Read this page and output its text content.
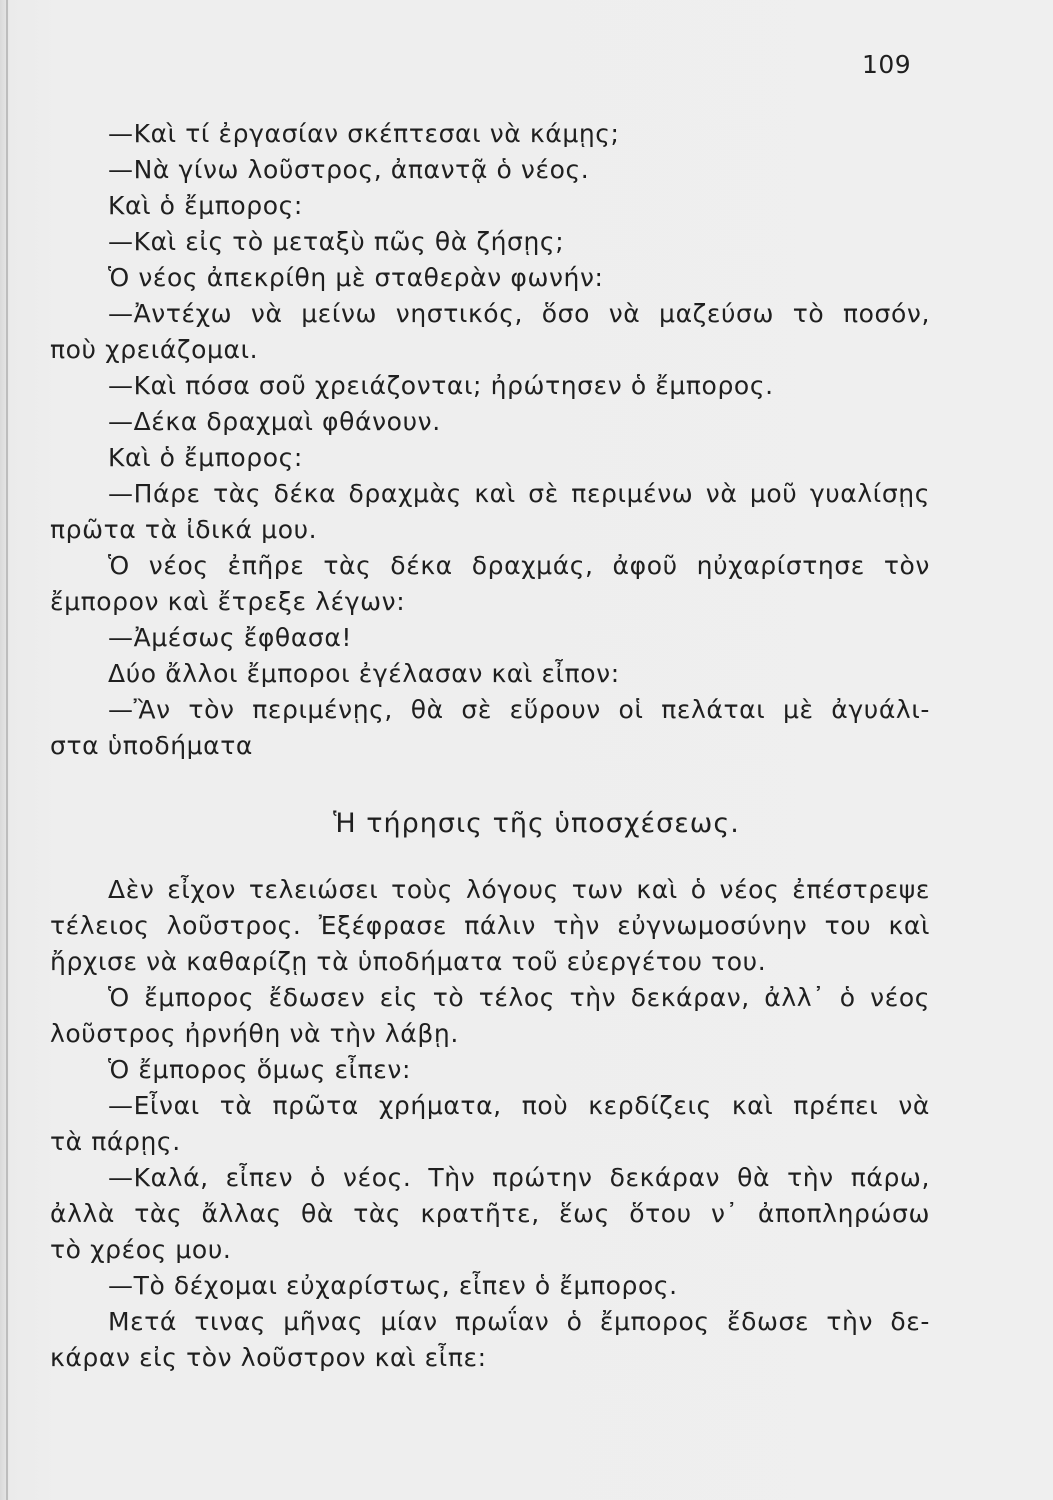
109
—Καὶ τί ἐργασίαν σκέπτεσαι νὰ κάμῃς;
—Νὰ γίνω λοῦστρος, ἀπαντᾷ ὁ νέος.
Καὶ ὁ ἔμπορος:
—Καὶ εἰς τὸ μεταξὺ πῶς θὰ ζήσῃς;
Ὁ νέος ἀπεκρίθη μὲ σταθερὰν φωνήν:
—Ἀντέχω νὰ μείνω νηστικός, ὅσο νὰ μαζεύσω τὸ ποσόν,
ποὺ χρειάζομαι.
—Καὶ πόσα σοῦ χρειάζονται; ἠρώτησεν ὁ ἔμπορος.
—Δέκα δραχμαὶ φθάνουν.
Καὶ ὁ ἔμπορος:
—Πάρε τὰς δέκα δραχμὰς καὶ σὲ περιμένω νὰ μοῦ γυαλίσῃς
πρῶτα τὰ ἰδικά μου.
Ὁ νέος ἐπῆρε τὰς δέκα δραχμάς, ἀφοῦ ηὐχαρίστησε τὸν
ἔμπορον καὶ ἔτρεξε λέγων:
—Ἀμέσως ἔφθασα!
Δύο ἄλλοι ἔμποροι ἐγέλασαν καὶ εἶπον:
—Ἂν τὸν περιμένῃς, θὰ σὲ εὕρουν οἱ πελάται μὲ ἀγυάλι-
στα ὑποδήματα
Ἡ τήρησις τῆς ὑποσχέσεως.
Δὲν εἶχον τελειώσει τοὺς λόγους των καὶ ὁ νέος ἐπέστρεψε
τέλειος λοῦστρος. Ἐξέφρασε πάλιν τὴν εὐγνωμοσύνην του καὶ
ἤρχισε νὰ καθαρίζῃ τὰ ὑποδήματα τοῦ εὐεργέτου του.
Ὁ ἔμπορος ἔδωσεν εἰς τὸ τέλος τὴν δεκάραν, ἀλλ᾿ ὁ νέος
λοῦστρος ἠρνήθη νὰ τὴν λάβῃ.
Ὁ ἔμπορος ὅμως εἶπεν:
—Εἶναι τὰ πρῶτα χρήματα, ποὺ κερδίζεις καὶ πρέπει νὰ
τὰ πάρῃς.
—Καλά, εἶπεν ὁ νέος. Τὴν πρώτην δεκάραν θὰ τὴν πάρω,
ἀλλὰ τὰς ἄλλας θὰ τὰς κρατῆτε, ἕως ὅτου ν᾿ ἀποπληρώσω
τὸ χρέος μου.
—Τὸ δέχομαι εὐχαρίστως, εἶπεν ὁ ἔμπορος.
Μετά τινας μῆνας μίαν πρωΐαν ὁ ἔμπορος ἔδωσε τὴν δε-
κάραν εἰς τὸν λοῦστρον καὶ εἶπε:
